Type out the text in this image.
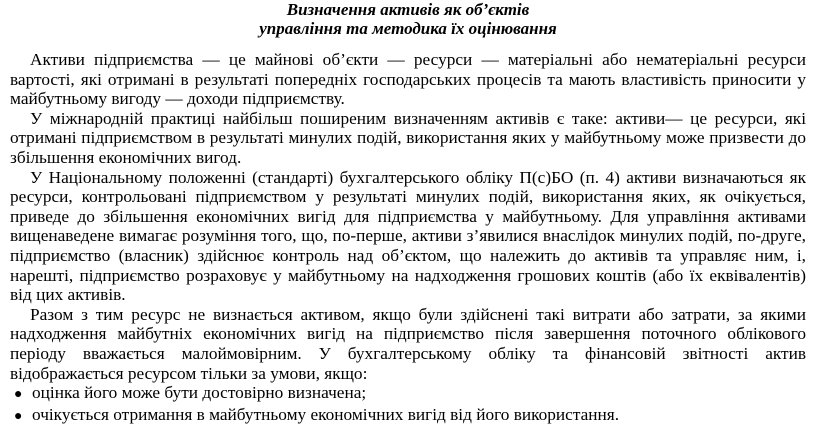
Визначення активів як об’єктів

управління та методика їх оцінювання

Активи підприємства — це майнові об’єкти — ресурси — матеріальні або нематеріальні ресурси вартості, які отримані в результаті попередніх господарських процесів та мають властивість приносити у майбутньому вигоду — доходи підприємству.

У міжнародній практиці найбільш поширеним визначенням активів є таке: активи— це ресурси, які отримані підприємством в результаті минулих подій, використання яких у майбутньому може призвести до збільшення економічних вигод.

У Національному положенні (стандарті) бухгалтерського обліку П(с)БО (п. 4) активи визначаються як ресурси, контрольовані підприємством у результаті минулих подій, використання яких, як очікується, приведе до збільшення економічних вигід для підприємства у майбутньому. Для управління активами вищенаведене вимагає розуміння того, що, по-перше, активи з’явилися внаслідок минулих подій, по-друге, підприємство (власник) здійснює контроль над об’єктом, що належить до активів та управляє ним, і, нарешті, підприємство розраховує у майбутньому на надходження грошових коштів (або їх еквівалентів) від цих активів.

Разом з тим ресурс не визнається активом, якщо були здійснені такі витрати або затрати, за якими надходження майбутніх економічних вигід на підприємство після завершення поточного облікового періоду вважається малоймовірним. У бухгалтерському обліку та фінансовій звітності актив відображається ресурсом тільки за умови, якщо:

● оцінка його може бути достовірно визначена;
● очікується отримання в майбутньому економічних вигід від його використання.
